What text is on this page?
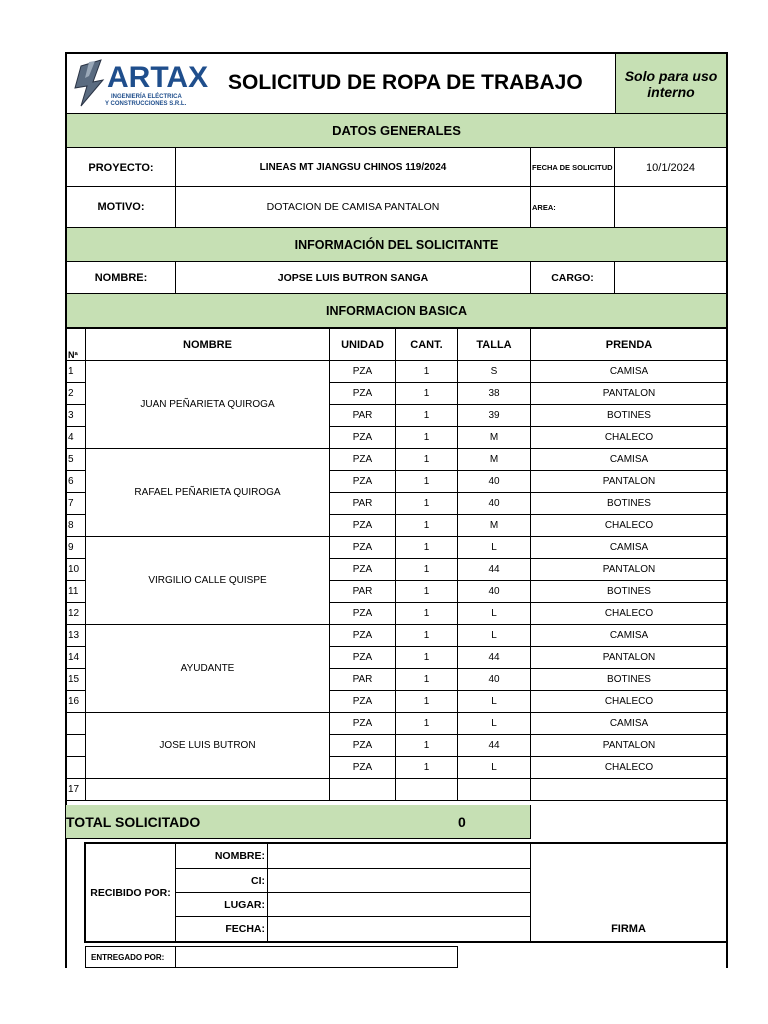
ARTAX
INGENIERÍA ELÉCTRICA
Y CONSTRUCCIONES S.R.L.
SOLICITUD DE ROPA DE TRABAJO	Solo para uso interno
DATOS GENERALES
PROYECTO:	LINEAS MT JIANGSU CHINOS 119/2024	FECHA DE SOLICITUD	10/1/2024
MOTIVO:	DOTACION DE CAMISA PANTALON	AREA:
INFORMACIÓN DEL SOLICITANTE
NOMBRE:	JOPSE LUIS BUTRON SANGA	CARGO:
INFORMACION BASICA
Nª	NOMBRE	UNIDAD	CANT.	TALLA	PRENDA
1	JUAN PEÑARIETA QUIROGA	PZA	1	S	CAMISA
2		PZA	1	38	PANTALON
3		PAR	1	39	BOTINES
4		PZA	1	M	CHALECO
5	RAFAEL PEÑARIETA QUIROGA	PZA	1	M	CAMISA
6		PZA	1	40	PANTALON
7		PAR	1	40	BOTINES
8		PZA	1	M	CHALECO
9	VIRGILIO CALLE QUISPE	PZA	1	L	CAMISA
10		PZA	1	44	PANTALON
11		PAR	1	40	BOTINES
12		PZA	1	L	CHALECO
13	AYUDANTE	PZA	1	L	CAMISA
14		PZA	1	44	PANTALON
15		PAR	1	40	BOTINES
16		PZA	1	L	CHALECO
	JOSE LUIS BUTRON	PZA	1	L	CAMISA
		PZA	1	44	PANTALON
		PZA	1	L	CHALECO
17					
TOTAL SOLICITADO	0
RECIBIDO POR:
NOMBRE:
CI:
LUGAR:
FECHA:	FIRMA
ENTREGADO POR:
